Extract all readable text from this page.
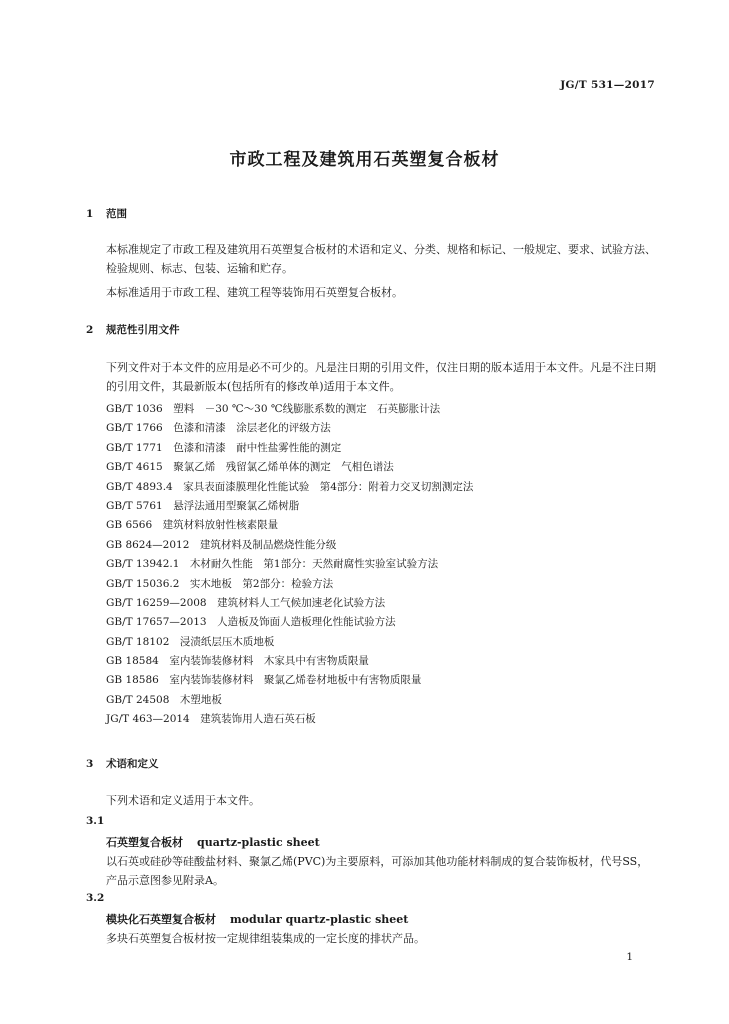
JG/T 531—2017
市政工程及建筑用石英塑复合板材
1 范围
本标准规定了市政工程及建筑用石英塑复合板材的术语和定义、分类、规格和标记、一般规定、要求、试验方法、检验规则、标志、包装、运输和贮存。
本标准适用于市政工程、建筑工程等装饰用石英塑复合板材。
2 规范性引用文件
下列文件对于本文件的应用是必不可少的。凡是注日期的引用文件，仅注日期的版本适用于本文件。凡是不注日期的引用文件，其最新版本(包括所有的修改单)适用于本文件。
GB/T 1036　塑料　－30 ℃～30 ℃线膨胀系数的测定　石英膨胀计法
GB/T 1766　色漆和清漆　涂层老化的评级方法
GB/T 1771　色漆和清漆　耐中性盐雾性能的测定
GB/T 4615　聚氯乙烯　残留氯乙烯单体的测定　气相色谱法
GB/T 4893.4　家具表面漆膜理化性能试验　第4部分：附着力交叉切割测定法
GB/T 5761　悬浮法通用型聚氯乙烯树脂
GB 6566　建筑材料放射性核素限量
GB 8624—2012　建筑材料及制品燃烧性能分级
GB/T 13942.1　木材耐久性能　第1部分：天然耐腐性实验室试验方法
GB/T 15036.2　实木地板　第2部分：检验方法
GB/T 16259—2008　建筑材料人工气候加速老化试验方法
GB/T 17657—2013　人造板及饰面人造板理化性能试验方法
GB/T 18102　浸渍纸层压木质地板
GB 18584　室内装饰装修材料　木家具中有害物质限量
GB 18586　室内装饰装修材料　聚氯乙烯卷材地板中有害物质限量
GB/T 24508　木塑地板
JG/T 463—2014　建筑装饰用人造石英石板
3 术语和定义
下列术语和定义适用于本文件。
3.1
石英塑复合板材 quartz-plastic sheet
以石英或硅砂等硅酸盐材料、聚氯乙烯(PVC)为主要原料，可添加其他功能材料制成的复合装饰板材，代号SS，产品示意图参见附录A。
3.2
模块化石英塑复合板材 modular quartz-plastic sheet
多块石英塑复合板材按一定规律组装集成的一定长度的排状产品。
1
